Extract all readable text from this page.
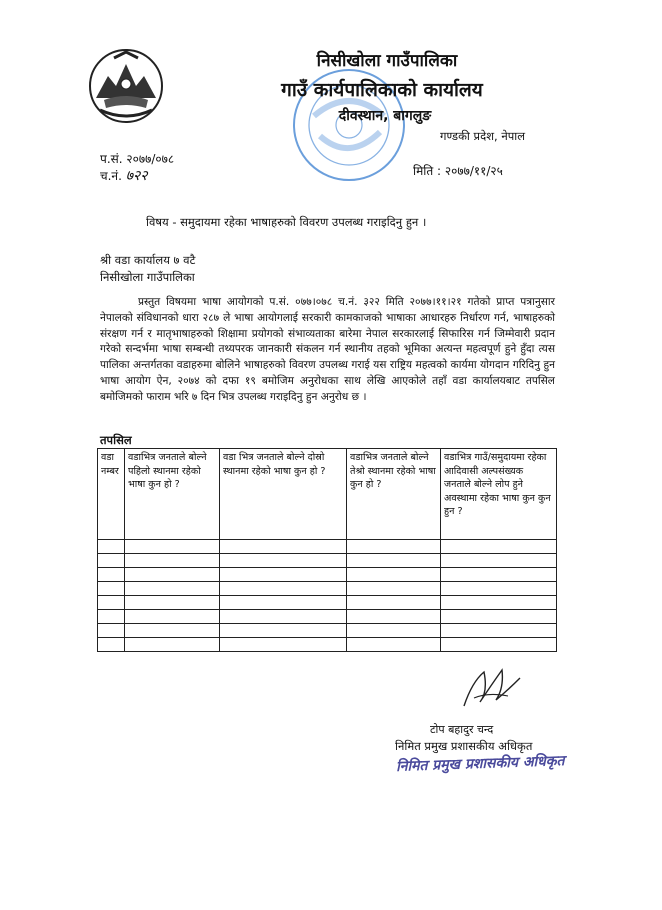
निसीखोला गाउँपालिका
गाउँ कार्यपालिकाको कार्यालय
दीवस्थान, बागलुङ
गण्डकी प्रदेश, नेपाल
प.सं. २०७७/०७८
च.नं. ७२२	मिति : २०७७/११/२५
विषय - समुदायमा रहेका भाषाहरुको विवरण उपलब्ध गराइदिनु हुन ।
श्री वडा कार्यालय ७ वटै
निसीखोला गाउँपालिका

प्रस्तुत विषयमा भाषा आयोगको प.सं. ०७७।०७८ च.नं. ३२२ मिति २०७७।११।२१ गतेको प्राप्त पत्रानुसार नेपालको संविधानको धारा २८७ ले भाषा आयोगलाई सरकारी कामकाजको भाषाका आधारहरु निर्धारण गर्न, भाषाहरुको संरक्षण गर्न र मातृभाषाहरुको शिक्षामा प्रयोगको संभाव्यताका बारेमा नेपाल सरकारलाई सिफारिस गर्न जिम्मेवारी प्रदान गरेको सन्दर्भमा भाषा सम्बन्धी तथ्यपरक जानकारी संकलन गर्न स्थानीय तहको भूमिका अत्यन्त महत्वपूर्ण हुने हुँदा त्यस पालिका अन्तर्गतका वडाहरुमा बोलिने भाषाहरुको विवरण उपलब्ध गराई यस राष्ट्रिय महत्वको कार्यमा योगदान गरिदिनु हुन भाषा आयोग ऐन, २०७४ को दफा १९ बमोजिम अनुरोधका साथ लेखि आएकोले तहाँ वडा कार्यालयबाट तपसिल बमोजिमको फाराम भरि ७ दिन भित्र उपलब्ध गराइदिनु हुन अनुरोध छ ।

तपसिल
वडा नम्बर	वडाभित्र जनताले बोल्ने पहिलो स्थानमा रहेको भाषा कुन हो ?	वडा भित्र जनताले बोल्ने दोस्रो स्थानमा रहेको भाषा कुन हो ?	वडाभित्र जनताले बोल्ने तेश्रो स्थानमा रहेको भाषा कुन हो ?	वडाभित्र गाउँ/समुदायमा रहेका आदिवासी अल्पसंख्यक जनताले बोल्ने लोप हुने अवस्थामा रहेका भाषा कुन कुन हुन ?

टोप बहादुर चन्द
निमित प्रमुख प्रशासकीय अधिकृत
निमित प्रमुख प्रशासकीय अधिकृत
